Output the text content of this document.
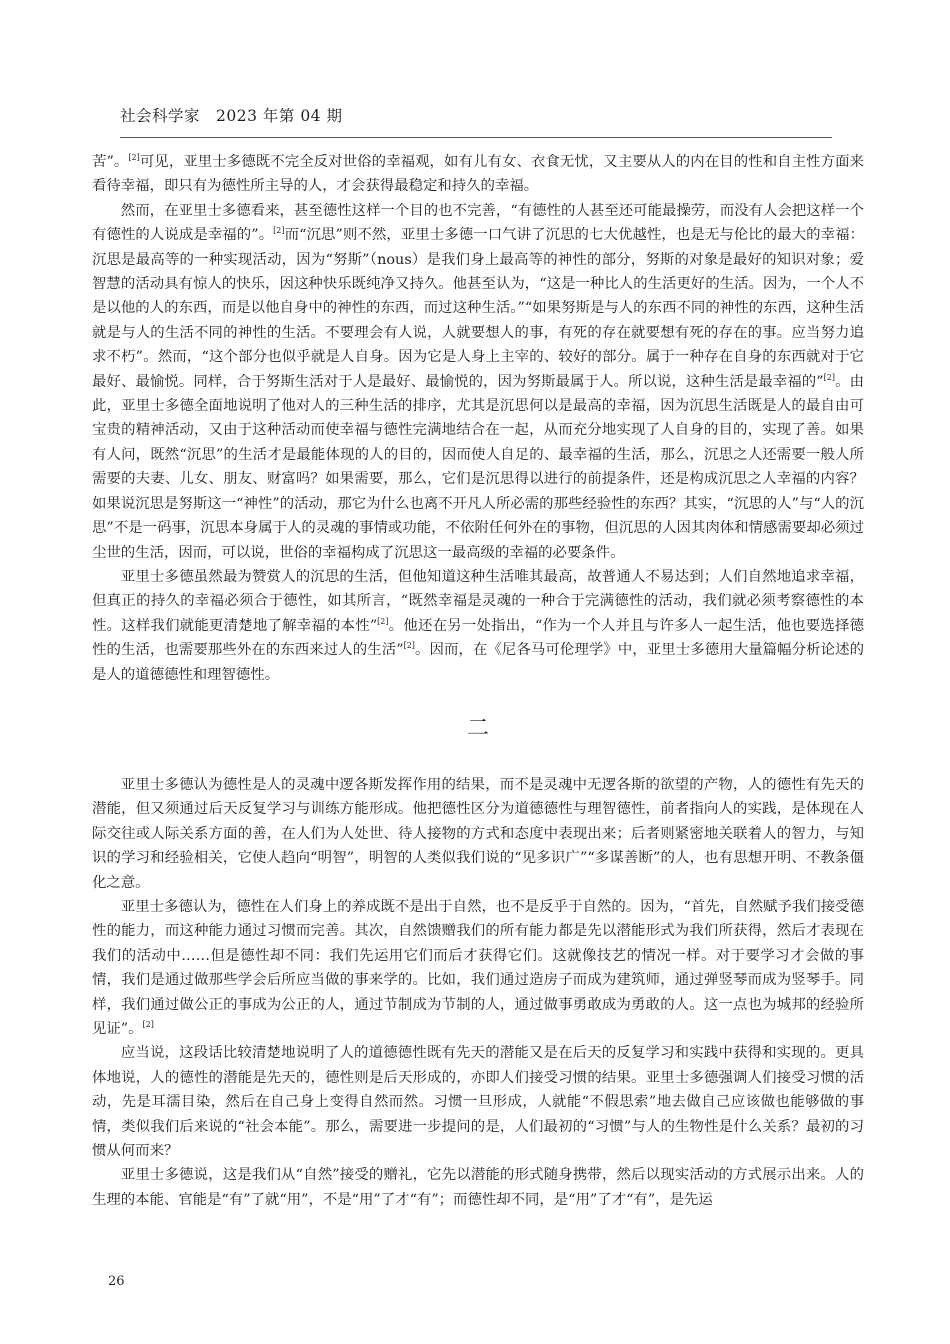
社会科学家 2023 年第 04 期

苦”。[2]可见，亚里士多德既不完全反对世俗的幸福观，如有儿有女、衣食无忧，又主要从人的内在目的性和自主性方面来看待幸福，即只有为德性所主导的人，才会获得最稳定和持久的幸福。

然而，在亚里士多德看来，甚至德性这样一个目的也不完善，“有德性的人甚至还可能最操劳，而没有人会把这样一个有德性的人说成是幸福的”。[2]而“沉思”则不然，亚里士多德一口气讲了沉思的七大优越性，也是无与伦比的最大的幸福：沉思是最高等的一种实现活动，因为“努斯”（nous）是我们身上最高等的神性的部分，努斯的对象是最好的知识对象；爱智慧的活动具有惊人的快乐，因这种快乐既纯净又持久。他甚至认为，“这是一种比人的生活更好的生活。因为，一个人不是以他的人的东西，而是以他自身中的神性的东西，而过这种生活。”“如果努斯是与人的东西不同的神性的东西，这种生活就是与人的生活不同的神性的生活。不要理会有人说，人就要想人的事，有死的存在就要想有死的存在的事。应当努力追求不朽”。然而，“这个部分也似乎就是人自身。因为它是人身上主宰的、较好的部分。属于一种存在自身的东西就对于它最好、最愉悦。同样，合于努斯生活对于人是最好、最愉悦的，因为努斯最属于人。所以说，这种生活是最幸福的”[2]。由此，亚里士多德全面地说明了他对人的三种生活的排序，尤其是沉思何以是最高的幸福，因为沉思生活既是人的最自由可宝贵的精神活动，又由于这种活动而使幸福与德性完满地结合在一起，从而充分地实现了人自身的目的，实现了善。如果有人问，既然“沉思”的生活才是最能体现的人的目的，因而使人自足的、最幸福的生活，那么，沉思之人还需要一般人所需要的夫妻、儿女、朋友、财富吗？如果需要，那么，它们是沉思得以进行的前提条件，还是构成沉思之人幸福的内容？如果说沉思是努斯这一“神性”的活动，那它为什么也离不开凡人所必需的那些经验性的东西？其实，“沉思的人”与“人的沉思”不是一码事，沉思本身属于人的灵魂的事情或功能，不依附任何外在的事物，但沉思的人因其肉体和情感需要却必须过尘世的生活，因而，可以说，世俗的幸福构成了沉思这一最高级的幸福的必要条件。

亚里士多德虽然最为赞赏人的沉思的生活，但他知道这种生活唯其最高，故普通人不易达到；人们自然地追求幸福，但真正的持久的幸福必须合于德性，如其所言，“既然幸福是灵魂的一种合于完满德性的活动，我们就必须考察德性的本性。这样我们就能更清楚地了解幸福的本性”[2]。他还在另一处指出，“作为一个人并且与许多人一起生活，他也要选择德性的生活，也需要那些外在的东西来过人的生活”[2]。因而，在《尼各马可伦理学》中，亚里士多德用大量篇幅分析论述的是人的道德德性和理智德性。

二

亚里士多德认为德性是人的灵魂中逻各斯发挥作用的结果，而不是灵魂中无逻各斯的欲望的产物，人的德性有先天的潜能，但又须通过后天反复学习与训练方能形成。他把德性区分为道德德性与理智德性，前者指向人的实践，是体现在人际交往或人际关系方面的善，在人们为人处世、待人接物的方式和态度中表现出来；后者则紧密地关联着人的智力，与知识的学习和经验相关，它使人趋向“明智”，明智的人类似我们说的“见多识广”“多谋善断”的人，也有思想开明、不教条僵化之意。

亚里士多德认为，德性在人们身上的养成既不是出于自然，也不是反乎于自然的。因为，“首先，自然赋予我们接受德性的能力，而这种能力通过习惯而完善。其次，自然馈赠我们的所有能力都是先以潜能形式为我们所获得，然后才表现在我们的活动中……但是德性却不同：我们先运用它们而后才获得它们。这就像技艺的情况一样。对于要学习才会做的事情，我们是通过做那些学会后所应当做的事来学的。比如，我们通过造房子而成为建筑师，通过弹竖琴而成为竖琴手。同样，我们通过做公正的事成为公正的人，通过节制成为节制的人，通过做事勇敢成为勇敢的人。这一点也为城邦的经验所见证”。[2]

应当说，这段话比较清楚地说明了人的道德德性既有先天的潜能又是在后天的反复学习和实践中获得和实现的。更具体地说，人的德性的潜能是先天的，德性则是后天形成的，亦即人们接受习惯的结果。亚里士多德强调人们接受习惯的活动，先是耳濡目染，然后在自己身上变得自然而然。习惯一旦形成，人就能“不假思索”地去做自己应该做也能够做的事情，类似我们后来说的“社会本能”。那么，需要进一步提问的是，人们最初的“习惯”与人的生物性是什么关系？最初的习惯从何而来？

亚里士多德说，这是我们从“自然”接受的赠礼，它先以潜能的形式随身携带，然后以现实活动的方式展示出来。人的生理的本能、官能是“有”了就“用”，不是“用”了才“有”；而德性却不同，是“用”了才“有”，是先运

26
